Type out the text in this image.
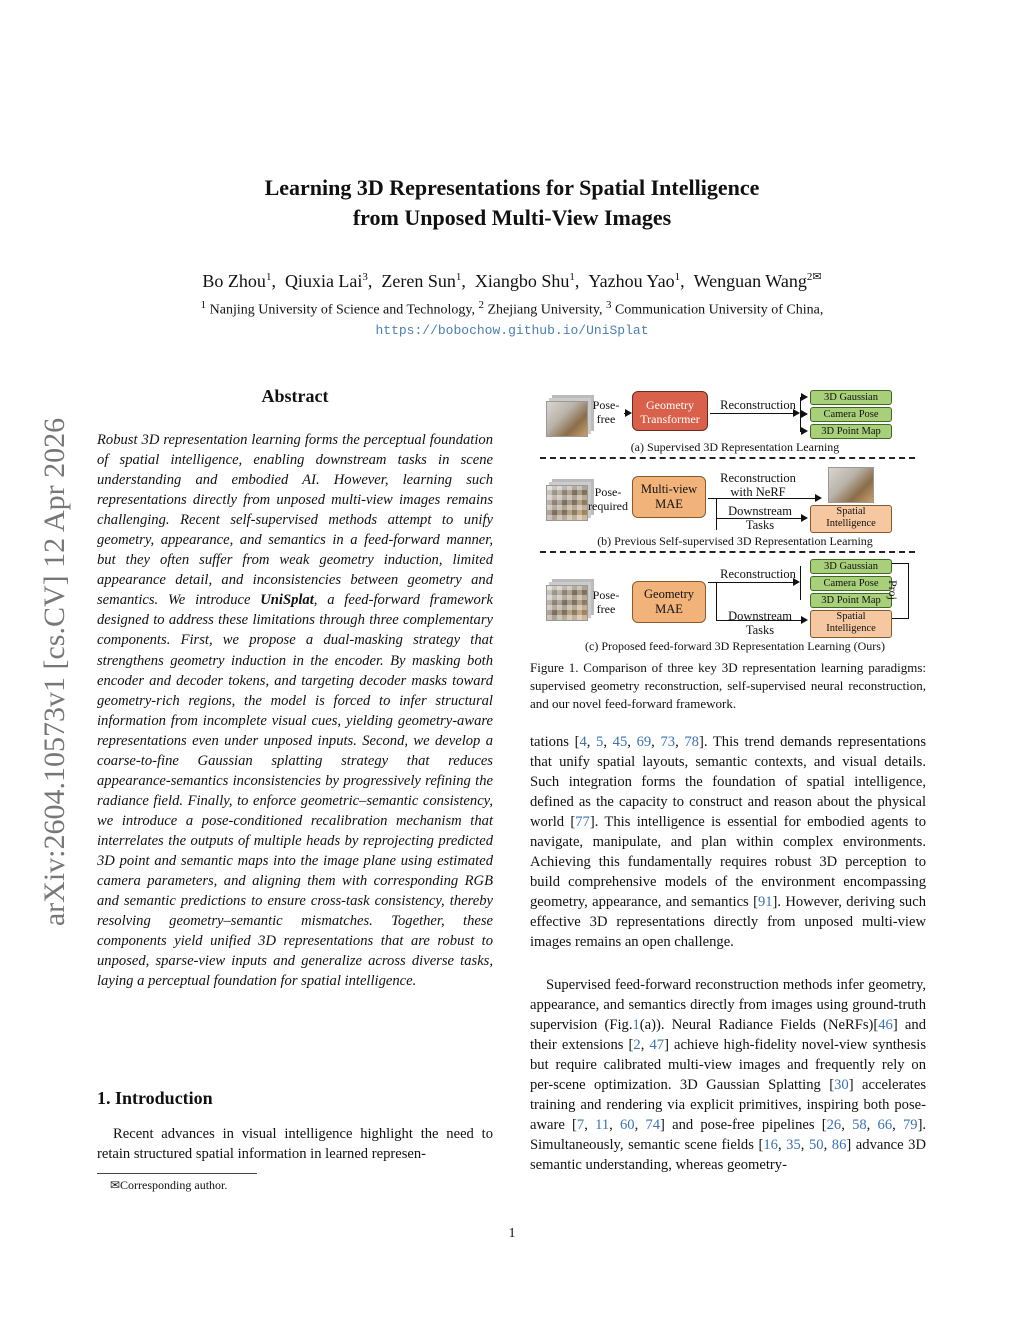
arXiv:2604.10573v1 [cs.CV] 12 Apr 2026
Learning 3D Representations for Spatial Intelligence
from Unposed Multi-View Images
Bo Zhou$^1$,  Qiuxia Lai$^3$,  Zeren Sun$^1$,  Xiangbo Shu$^1$,  Yazhou Yao$^1$,  Wenguan Wang$^{2✉}$
$^1$ Nanjing University of Science and Technology, $^2$ Zhejiang University, $^3$ Communication University of China,
https://bobochow.github.io/UniSplat
Abstract
Robust 3D representation learning forms the perceptual foundation of spatial intelligence, enabling downstream tasks in scene understanding and embodied AI. However, learning such representations directly from unposed multi-view images remains challenging. Recent self-supervised methods attempt to unify geometry, appearance, and semantics in a feed-forward manner, but they often suffer from weak geometry induction, limited appearance detail, and inconsistencies between geometry and semantics. We introduce UniSplat, a feed-forward framework designed to address these limitations through three complementary components. First, we propose a dual-masking strategy that strengthens geometry induction in the encoder. By masking both encoder and decoder tokens, and targeting decoder masks toward geometry-rich regions, the model is forced to infer structural information from incomplete visual cues, yielding geometry-aware representations even under unposed inputs. Second, we develop a coarse-to-fine Gaussian splatting strategy that reduces appearance-semantics inconsistencies by progressively refining the radiance field. Finally, to enforce geometric–semantic consistency, we introduce a pose-conditioned recalibration mechanism that interrelates the outputs of multiple heads by reprojecting predicted 3D point and semantic maps into the image plane using estimated camera parameters, and aligning them with corresponding RGB and semantic predictions to ensure cross-task consistency, thereby resolving geometry–semantic mismatches. Together, these components yield unified 3D representations that are robust to unposed, sparse-view inputs and generalize across diverse tasks, laying a perceptual foundation for spatial intelligence.
1. Introduction
Recent advances in visual intelligence highlight the need to retain structured spatial information in learned represen-
✉Corresponding author.
Pose-
free
Geometry
Transformer
Reconstruction
3D Gaussian
Camera Pose
3D Point Map
(a) Supervised 3D Representation Learning
Pose-
required
Multi-view
MAE
Reconstruction
with NeRF
Downstream
Tasks
Spatial
Intelligence
(b) Previous Self-supervised 3D Representation Learning
Pose-
free
Geometry
MAE
Reconstruction
Downstream
Tasks
3D Gaussian
Camera Pose
3D Point Map
Spatial
Intelligence
Proj
(c) Proposed feed-forward 3D Representation Learning (Ours)
Figure 1. Comparison of three key 3D representation learning paradigms: supervised geometry reconstruction, self-supervised neural reconstruction, and our novel feed-forward framework.
tations [4, 5, 45, 69, 73, 78]. This trend demands representations that unify spatial layouts, semantic contexts, and visual details. Such integration forms the foundation of spatial intelligence, defined as the capacity to construct and reason about the physical world [77]. This intelligence is essential for embodied agents to navigate, manipulate, and plan within complex environments. Achieving this fundamentally requires robust 3D perception to build comprehensive models of the environment encompassing geometry, appearance, and semantics [91]. However, deriving such effective 3D representations directly from unposed multi-view images remains an open challenge.
Supervised feed-forward reconstruction methods infer geometry, appearance, and semantics directly from images using ground-truth supervision (Fig.1(a)). Neural Radiance Fields (NeRFs)[46] and their extensions [2, 47] achieve high-fidelity novel-view synthesis but require calibrated multi-view images and frequently rely on per-scene optimization. 3D Gaussian Splatting [30] accelerates training and rendering via explicit primitives, inspiring both pose-aware [7, 11, 60, 74] and pose-free pipelines [26, 58, 66, 79]. Simultaneously, semantic scene fields [16, 35, 50, 86] advance 3D semantic understanding, whereas geometry-
1
